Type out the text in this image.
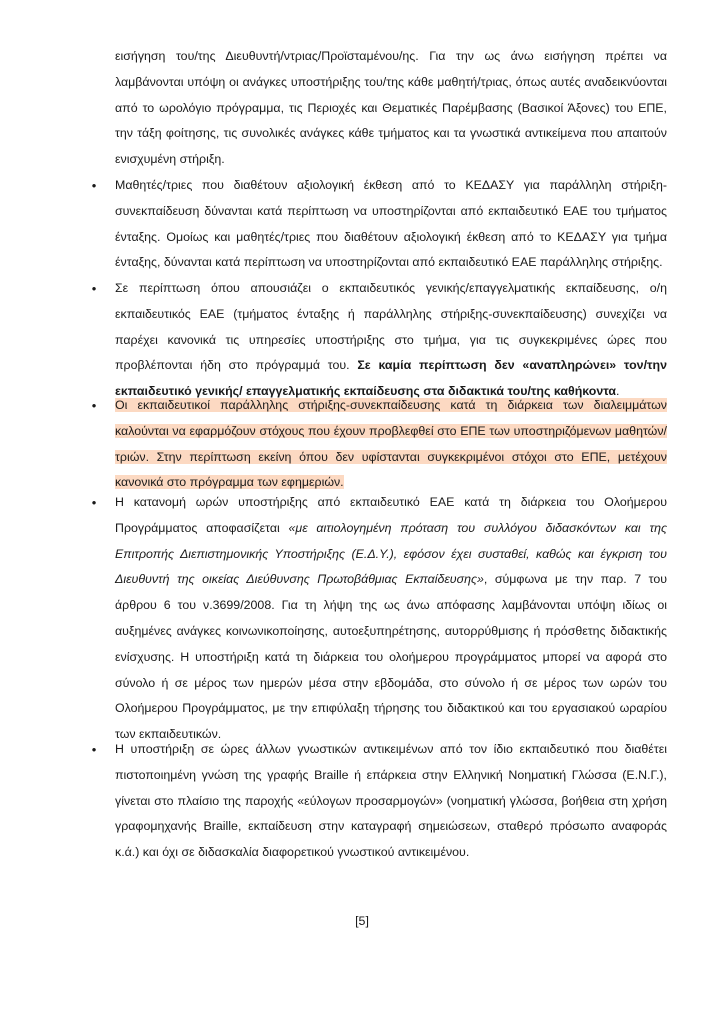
εισήγηση του/της Διευθυντή/ντριας/Προϊσταμένου/ης. Για την ως άνω εισήγηση πρέπει να λαμβάνονται υπόψη οι ανάγκες υποστήριξης του/της κάθε μαθητή/τριας, όπως αυτές αναδεικνύονται από το ωρολόγιο πρόγραμμα, τις Περιοχές και Θεματικές Παρέμβασης (Βασικοί Άξονες) του ΕΠΕ, την τάξη φοίτησης, τις συνολικές ανάγκες κάθε τμήματος και τα γνωστικά αντικείμενα που απαιτούν ενισχυμένη στήριξη.
•	Μαθητές/τριες που διαθέτουν αξιολογική έκθεση από το ΚΕΔΑΣΥ για παράλληλη στήριξη-συνεκπαίδευση δύνανται κατά περίπτωση να υποστηρίζονται από εκπαιδευτικό ΕΑΕ του τμήματος ένταξης. Ομοίως και μαθητές/τριες που διαθέτουν αξιολογική έκθεση από το ΚΕΔΑΣΥ για τμήμα ένταξης, δύνανται κατά περίπτωση να υποστηρίζονται από εκπαιδευτικό ΕΑΕ παράλληλης στήριξης.
•	Σε περίπτωση όπου απουσιάζει ο εκπαιδευτικός γενικής/επαγγελματικής εκπαίδευσης, ο/η εκπαιδευτικός ΕΑΕ (τμήματος ένταξης ή παράλληλης στήριξης-συνεκπαίδευσης) συνεχίζει να παρέχει κανονικά τις υπηρεσίες υποστήριξης στο τμήμα, για τις συγκεκριμένες ώρες που προβλέπονται ήδη στο πρόγραμμά του. Σε καμία περίπτωση δεν «αναπληρώνει» τον/την εκπαιδευτικό γενικής/ επαγγελματικής εκπαίδευσης στα διδακτικά του/της καθήκοντα.
•	Οι εκπαιδευτικοί παράλληλης στήριξης-συνεκπαίδευσης κατά τη διάρκεια των διαλειμμάτων καλούνται να εφαρμόζουν στόχους που έχουν προβλεφθεί στο ΕΠΕ των υποστηριζόμενων μαθητών/τριών. Στην περίπτωση εκείνη όπου δεν υφίστανται συγκεκριμένοι στόχοι στο ΕΠΕ, μετέχουν κανονικά στο πρόγραμμα των εφημεριών.
•	Η κατανομή ωρών υποστήριξης από εκπαιδευτικό ΕΑΕ κατά τη διάρκεια του Ολοήμερου Προγράμματος αποφασίζεται «με αιτιολογημένη πρόταση του συλλόγου διδασκόντων και της Επιτροπής Διεπιστημονικής Υποστήριξης (Ε.Δ.Υ.), εφόσον έχει συσταθεί, καθώς και έγκριση του Διευθυντή της οικείας Διεύθυνσης Πρωτοβάθμιας Εκπαίδευσης», σύμφωνα με την παρ. 7 του άρθρου 6 του ν.3699/2008. Για τη λήψη της ως άνω απόφασης λαμβάνονται υπόψη ιδίως οι αυξημένες ανάγκες κοινωνικοποίησης, αυτοεξυπηρέτησης, αυτορρύθμισης ή πρόσθετης διδακτικής ενίσχυσης. Η υποστήριξη κατά τη διάρκεια του ολοήμερου προγράμματος μπορεί να αφορά στο σύνολο ή σε μέρος των ημερών μέσα στην εβδομάδα, στο σύνολο ή σε μέρος των ωρών του Ολοήμερου Προγράμματος, με την επιφύλαξη τήρησης του διδακτικού και του εργασιακού ωραρίου των εκπαιδευτικών.
•	Η υποστήριξη σε ώρες άλλων γνωστικών αντικειμένων από τον ίδιο εκπαιδευτικό που διαθέτει πιστοποιημένη γνώση της γραφής Braille ή επάρκεια στην Ελληνική Νοηματική Γλώσσα (Ε.Ν.Γ.), γίνεται στο πλαίσιο της παροχής «εύλογων προσαρμογών» (νοηματική γλώσσα, βοήθεια στη χρήση γραφομηχανής Braille, εκπαίδευση στην καταγραφή σημειώσεων, σταθερό πρόσωπο αναφοράς κ.ά.) και όχι σε διδασκαλία διαφορετικού γνωστικού αντικειμένου.
[5]
